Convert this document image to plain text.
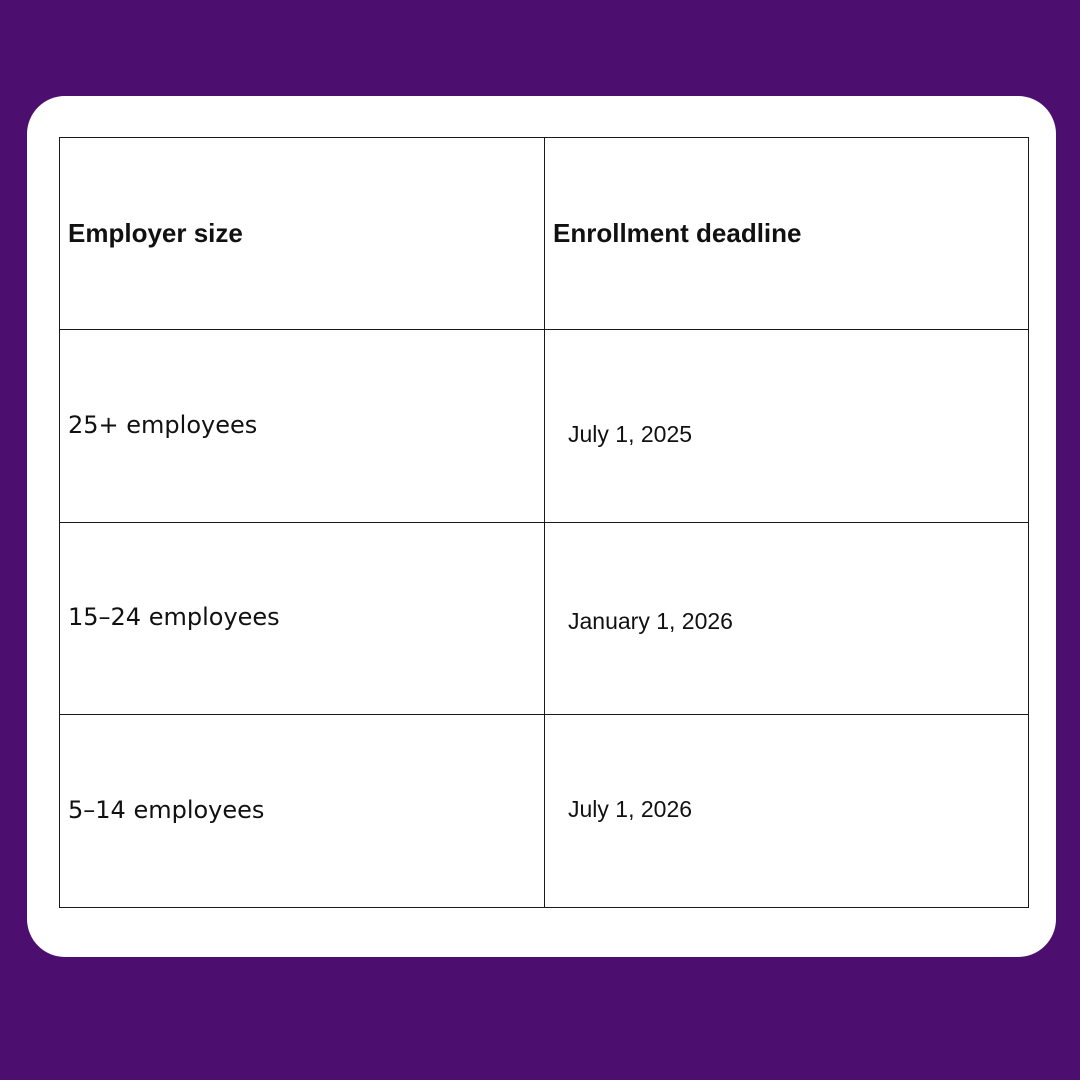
Employer size	Enrollment deadline
25+ employees	July 1, 2025
15–24 employees	January 1, 2026
5–14 employees	July 1, 2026
